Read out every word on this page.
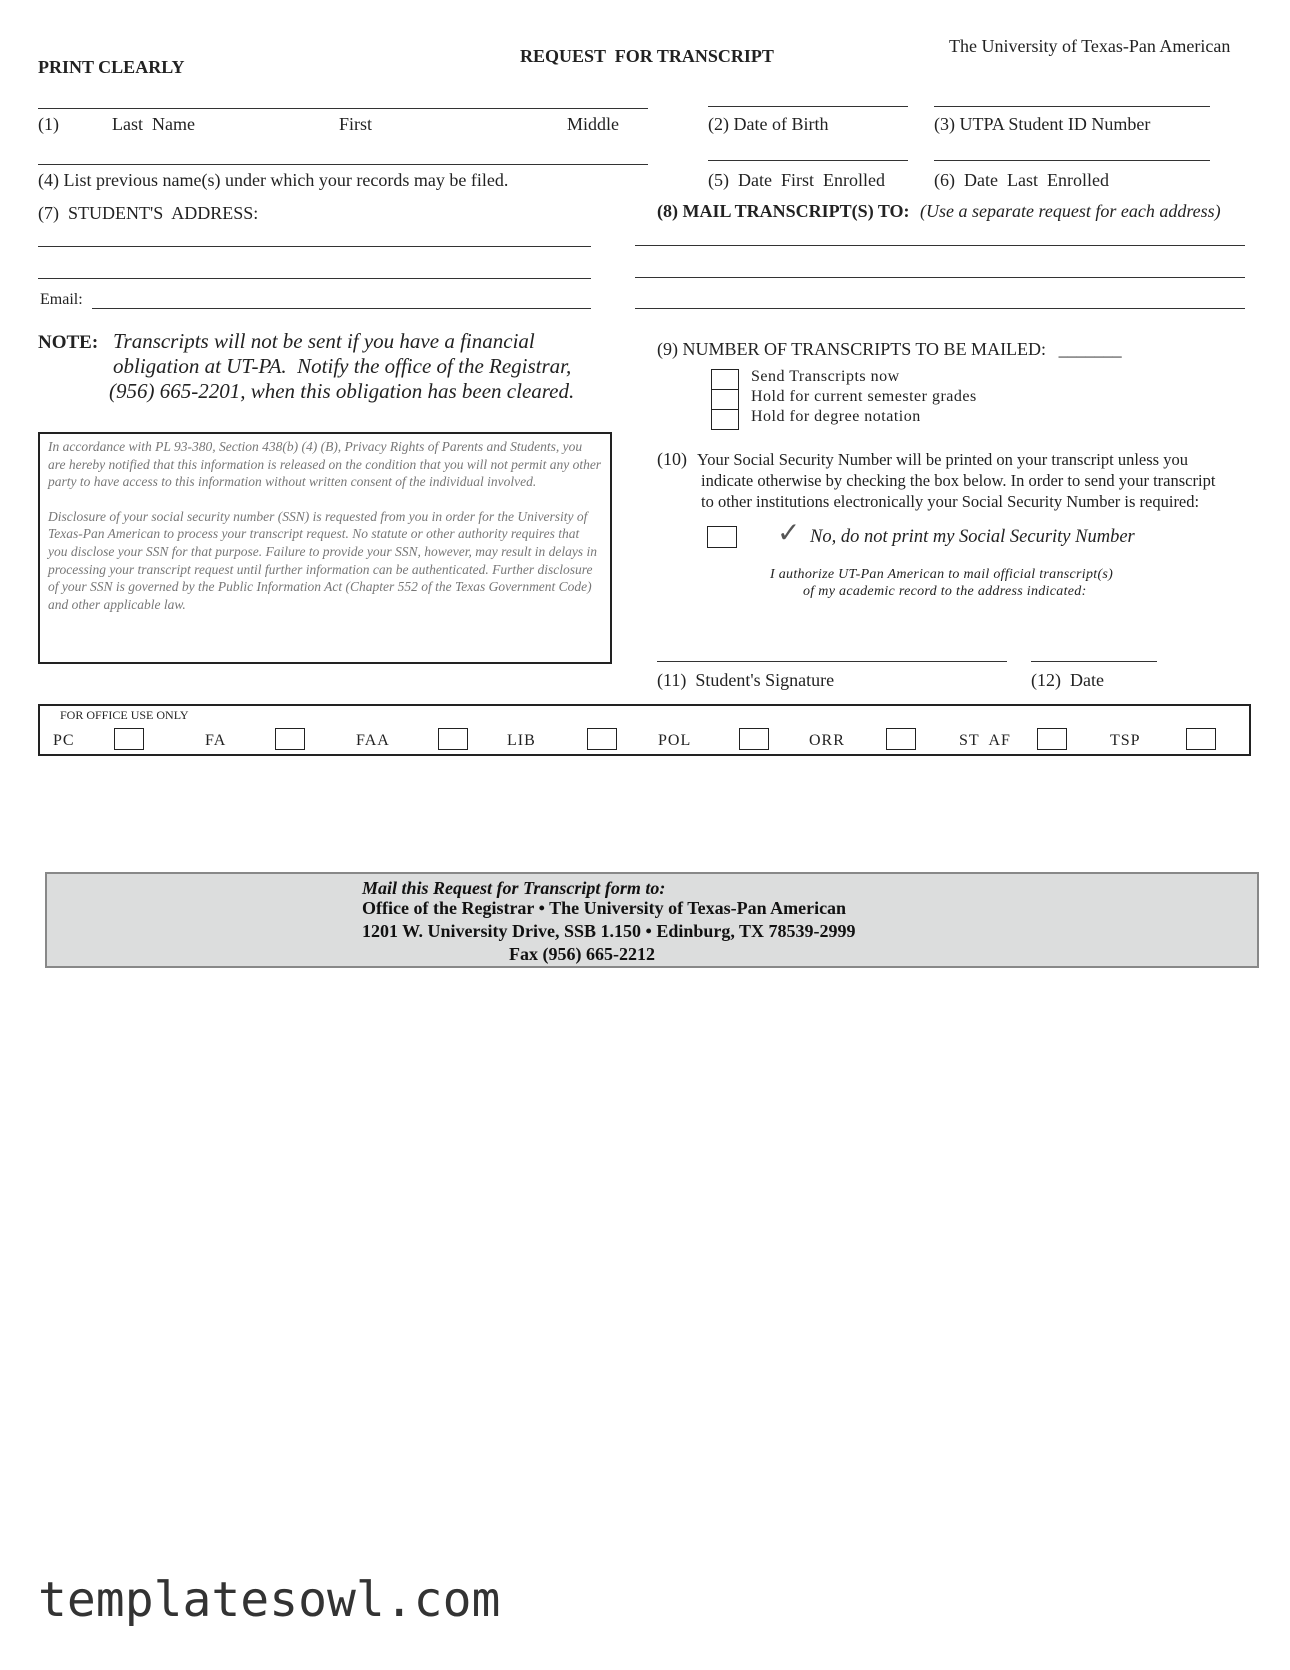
PRINT CLEARLY
REQUEST  FOR TRANSCRIPT	The University of Texas-Pan American
(1)	Last  Name	First	Middle	(2) Date of Birth	(3) UTPA Student ID Number
(4) List previous name(s) under which your records may be filed.	(5)  Date  First  Enrolled	(6)  Date  Last  Enrolled
(7)  STUDENT'S  ADDRESS:	(8) MAIL TRANSCRIPT(S) TO: (Use a separate request for each address)
Email:
NOTE: Transcripts will not be sent if you have a financial
obligation at UT-PA.  Notify the office of the Registrar,
(956) 665-2201, when this obligation has been cleared.

In accordance with PL 93-380, Section 438(b) (4) (B), Privacy Rights of Parents and Students, you are hereby notified that this information is released on the condition that you will not permit any other party to have access to this information without written consent of the individual involved.

Disclosure of your social security number (SSN) is requested from you in order for the University of Texas-Pan American to process your transcript request. No statute or other authority requires that you disclose your SSN for that purpose. Failure to provide your SSN, however, may result in delays in processing your transcript request until further information can be authenticated. Further disclosure of your SSN is governed by the Public Information Act (Chapter 552 of the Texas Government Code) and other applicable law.

(9) NUMBER OF TRANSCRIPTS TO BE MAILED: _______
Send Transcripts now
Hold for current semester grades
Hold for degree notation
(10) Your Social Security Number will be printed on your transcript unless you
indicate otherwise by checking the box below. In order to send your transcript
to other institutions electronically your Social Security Number is required:
✓ No, do not print my Social Security Number
I authorize UT-Pan American to mail official transcript(s)
of my academic record to the address indicated:
(11)  Student's Signature	(12)  Date
FOR OFFICE USE ONLY
PC	FA	FAA	LIB	POL	ORR	ST  AF	TSP
Mail this Request for Transcript form to:
Office of the Registrar • The University of Texas-Pan American
1201 W. University Drive, SSB 1.150 • Edinburg, TX 78539-2999
Fax (956) 665-2212
templatesowl.com
